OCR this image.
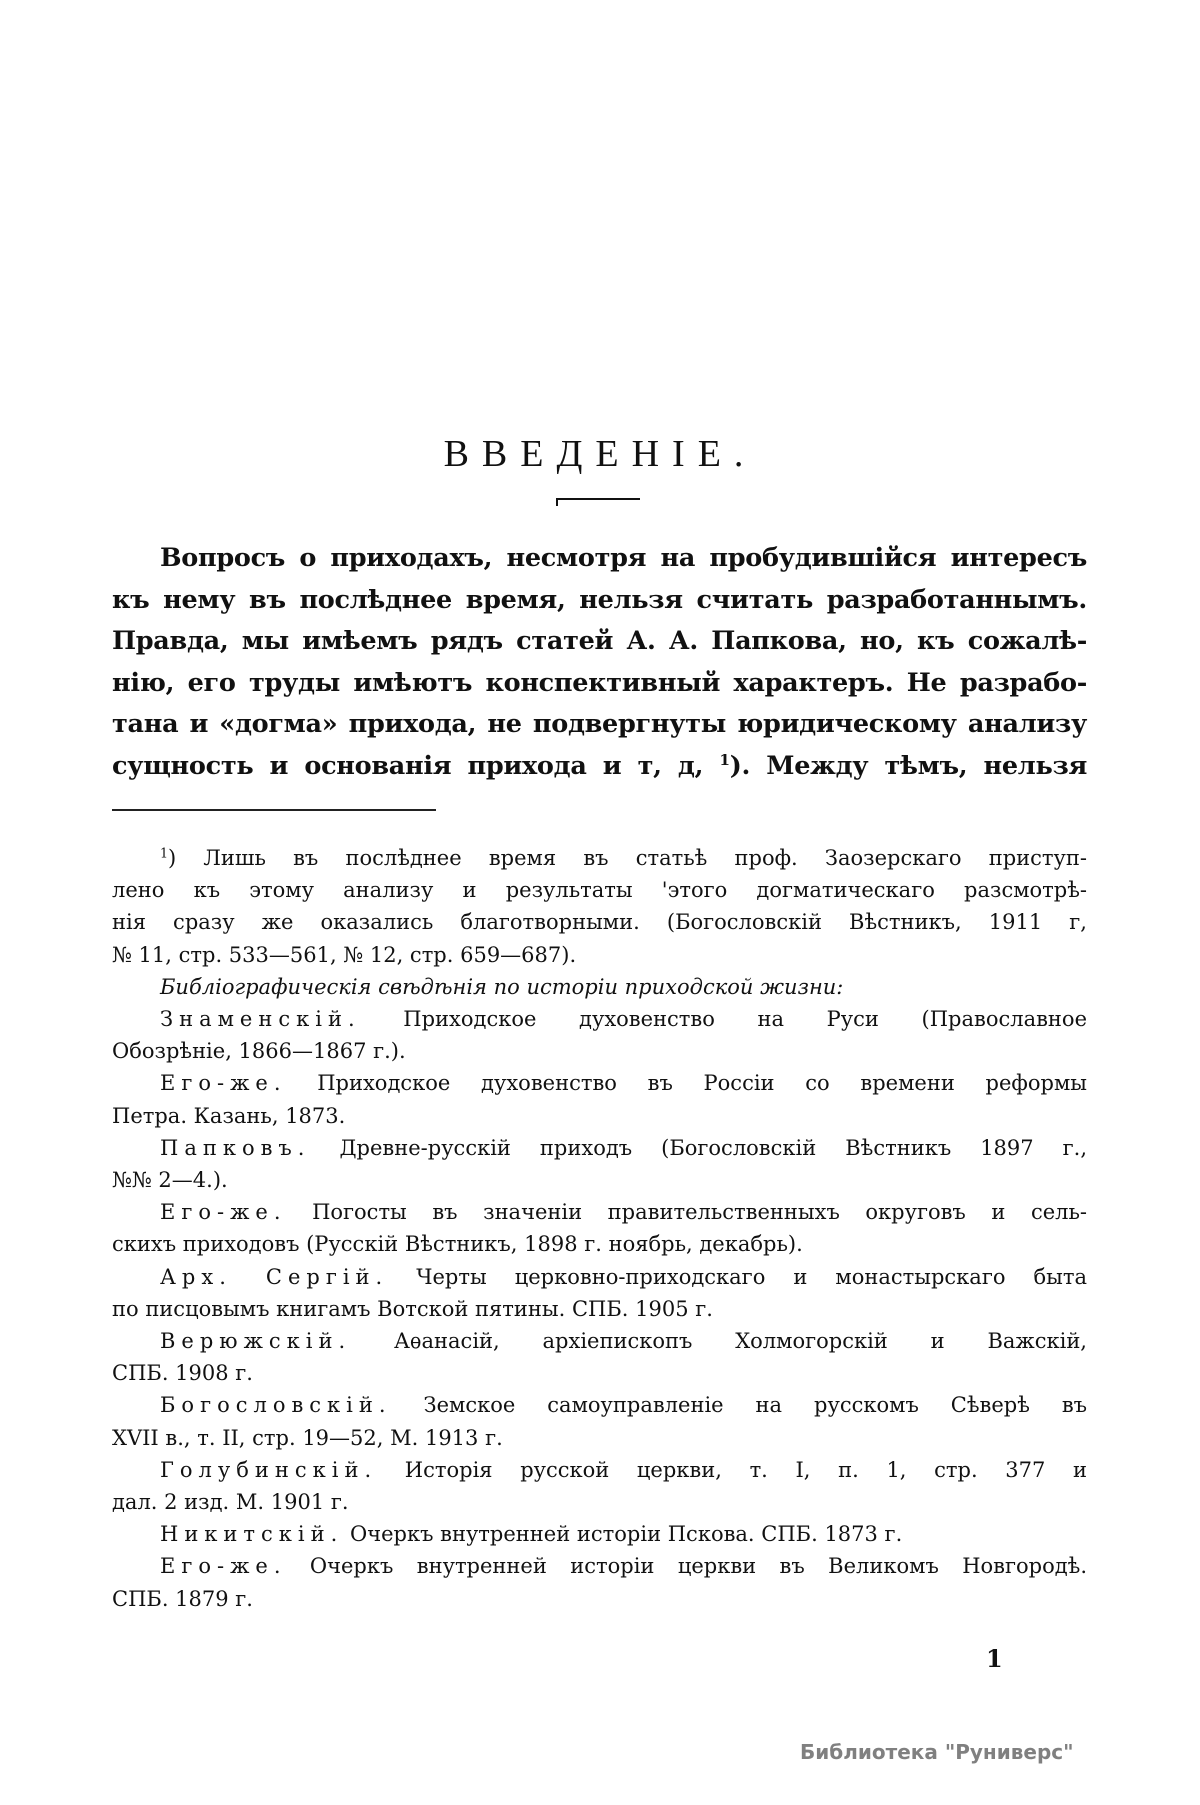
ВВЕДЕНІЕ.
Вопросъ о приходахъ, несмотря на пробудившійся интересъ
къ нему въ послѣднее время, нельзя считать разработаннымъ.
Правда, мы имѣемъ рядъ статей А. А. Папкова, но, къ сожалѣ-
нію, его труды имѣютъ конспективный характеръ. Не разрабо-
тана и «догма» прихода, не подвергнуты юридическому анализу
сущность и основанія прихода и т, д, $^1$). Между тѣмъ, нельзя
$^1$) Лишь въ послѣднее время въ статьѣ проф. Заозерскаго приступ-
лено къ этому анализу и результаты 'этого догматическаго разсмотрѣ-
нія сразу же оказались благотворными. (Богословскій Вѣстникъ, 1911 г,
№ 11, стр. 533—561, № 12, стр. 659—687).
Библіографическія свѣдѣнія по исторіи приходской жизни:
Знаменскій. Приходское духовенство на Руси (Православное
Обозрѣніе, 1866—1867 г.).
Его-же. Приходское духовенство въ Россіи со времени реформы
Петра. Казань, 1873.
Папковъ. Древне-русскій приходъ (Богословскій Вѣстникъ 1897 г.,
№№ 2—4.).
Его-же. Погосты въ значеніи правительственныхъ округовъ и сель-
скихъ приходовъ (Русскій Вѣстникъ, 1898 г. ноябрь, декабрь).
Арх. Сергій. Черты церковно-приходскаго и монастырскаго быта
по писцовымъ книгамъ Вотской пятины. СПБ. 1905 г.
Верюжскій. Аѳанасій, архіепископъ Холмогорскій и Важскій,
СПБ. 1908 г.
Богословскій. Земское самоуправленіе на русскомъ Сѣверѣ въ
XVII в., т. II, стр. 19—52, М. 1913 г.
Голубинскій. Исторія русской церкви, т. I, п. 1, стр. 377 и
дал. 2 изд. М. 1901 г.
Никитскій. Очеркъ внутренней исторіи Пскова. СПБ. 1873 г.
Его-же. Очеркъ внутренней исторіи церкви въ Великомъ Новгородѣ.
СПБ. 1879 г.
1
Библиотека "Руниверс"
